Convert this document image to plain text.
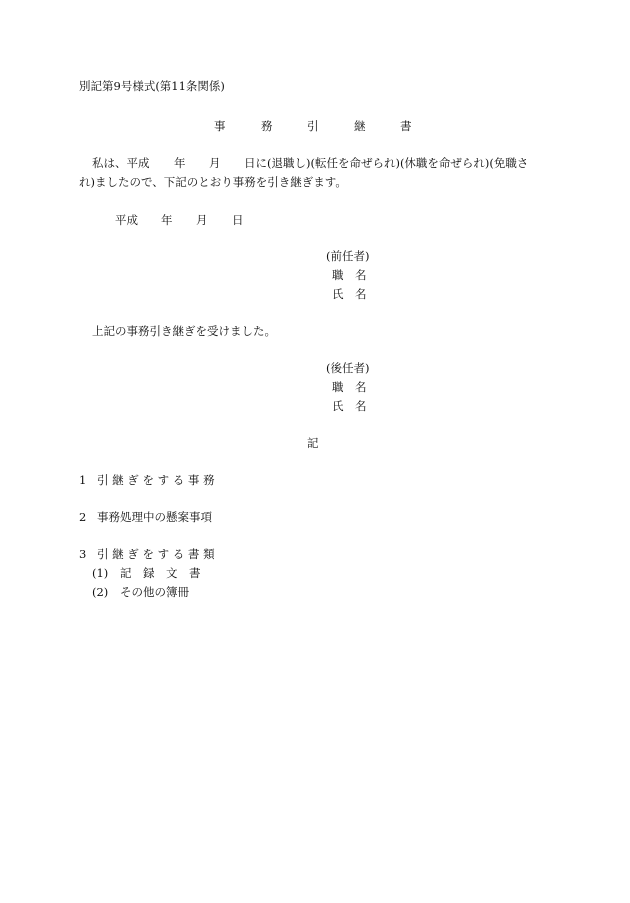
別記第9号様式(第11条関係)
事	務	引	継	書
私は、平成 年 月 日に(退職し)(転任を命ぜられ)(休職を命ぜられ)(免職さ
れ)ましたので、下記のとおり事務を引き継ぎます。
平成 年 月 日
(前任者)
職　名
氏　名
上記の事務引き継ぎを受けました。
(後任者)
職　名
氏　名
記
1 引 継 ぎ を す る 事 務
2 事務処理中の懸案事項
3 引 継 ぎ を す る 書 類
(1) 記　録　文　書
(2) その他の簿冊
